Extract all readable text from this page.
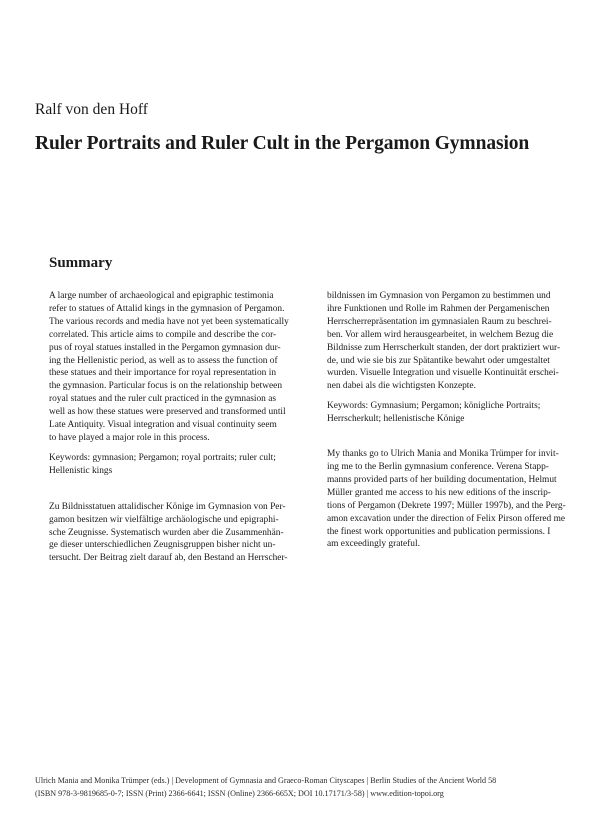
Ralf von den Hoff
Ruler Portraits and Ruler Cult in the Pergamon Gymnasion
Summary

A large number of archaeological and epigraphic testimonia
refer to statues of Attalid kings in the gymnasion of Pergamon.
The various records and media have not yet been systematically
correlated. This article aims to compile and describe the cor-
pus of royal statues installed in the Pergamon gymnasion dur-
ing the Hellenistic period, as well as to assess the function of
these statues and their importance for royal representation in
the gymnasion. Particular focus is on the relationship between
royal statues and the ruler cult practiced in the gymnasion as
well as how these statues were preserved and transformed until
Late Antiquity. Visual integration and visual continuity seem
to have played a major role in this process.

Keywords: gymnasion; Pergamon; royal portraits; ruler cult;
Hellenistic kings

Zu Bildnisstatuen attalidischer Könige im Gymnasion von Per-
gamon besitzen wir vielfältige archäologische und epigraphi-
sche Zeugnisse. Systematisch wurden aber die Zusammenhän-
ge dieser unterschiedlichen Zeugnisgruppen bisher nicht un-
tersucht. Der Beitrag zielt darauf ab, den Bestand an Herrscher-

bildnissen im Gymnasion von Pergamon zu bestimmen und
ihre Funktionen und Rolle im Rahmen der Pergamenischen
Herrscherrepräsentation im gymnasialen Raum zu beschrei-
ben. Vor allem wird herausgearbeitet, in welchem Bezug die
Bildnisse zum Herrscherkult standen, der dort praktiziert wur-
de, und wie sie bis zur Spätantike bewahrt oder umgestaltet
wurden. Visuelle Integration und visuelle Kontinuität erschei-
nen dabei als die wichtigsten Konzepte.

Keywords: Gymnasium; Pergamon; königliche Portraits;
Herrscherkult; hellenistische Könige

My thanks go to Ulrich Mania and Monika Trümper for invit-
ing me to the Berlin gymnasium conference. Verena Stapp-
manns provided parts of her building documentation, Helmut
Müller granted me access to his new editions of the inscrip-
tions of Pergamon (Dekrete 1997; Müller 1997b), and the Perg-
amon excavation under the direction of Felix Pirson offered me
the finest work opportunities and publication permissions. I
am exceedingly grateful.

Ulrich Mania and Monika Trümper (eds.) | Development of Gymnasia and Graeco-Roman Cityscapes | Berlin Studies of the Ancient World 58
(ISBN 978-3-9819685-0-7; ISSN (Print) 2366-6641; ISSN (Online) 2366-665X; DOI 10.17171/3-58) | www.edition-topoi.org
